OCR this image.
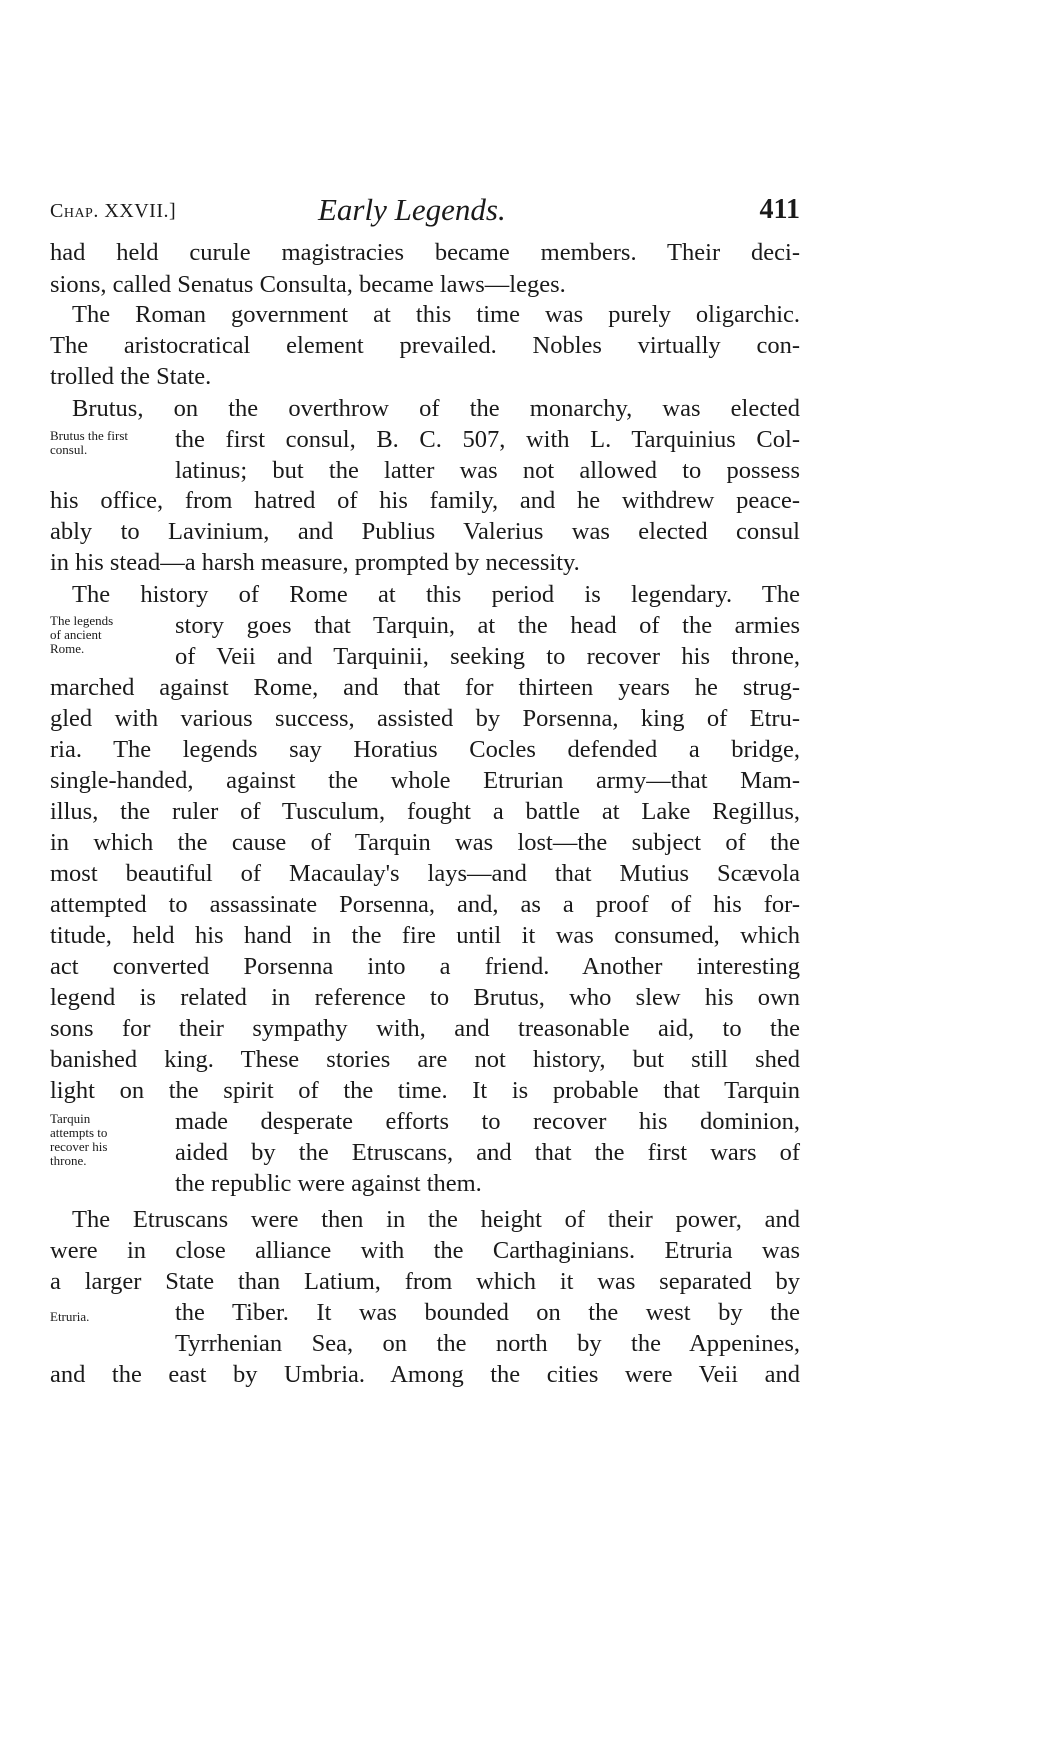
Chap. XXVII.]	Early Legends.	411
had held curule magistracies became members. Their deci-
sions, called Senatus Consulta, became laws—leges.
The Roman government at this time was purely oligarchic.
The aristocratical element prevailed. Nobles virtually con-
trolled the State.
Brutus, on the overthrow of the monarchy, was elected
the first consul, B. C. 507, with L. Tarquinius Col-
latinus; but the latter was not allowed to possess
his office, from hatred of his family, and he withdrew peace-
ably to Lavinium, and Publius Valerius was elected consul
in his stead—a harsh measure, prompted by necessity.
The history of Rome at this period is legendary. The
story goes that Tarquin, at the head of the armies
of Veii and Tarquinii, seeking to recover his throne,
marched against Rome, and that for thirteen years he strug-
gled with various success, assisted by Porsenna, king of Etru-
ria. The legends say Horatius Cocles defended a bridge,
single-handed, against the whole Etrurian army—that Mam-
illus, the ruler of Tusculum, fought a battle at Lake Regillus,
in which the cause of Tarquin was lost—the subject of the
most beautiful of Macaulay's lays—and that Mutius Scævola
attempted to assassinate Porsenna, and, as a proof of his for-
titude, held his hand in the fire until it was consumed, which
act converted Porsenna into a friend. Another interesting
legend is related in reference to Brutus, who slew his own
sons for their sympathy with, and treasonable aid, to the
banished king. These stories are not history, but still shed
light on the spirit of the time. It is probable that Tarquin
made desperate efforts to recover his dominion,
aided by the Etruscans, and that the first wars of
the republic were against them.
The Etruscans were then in the height of their power, and
were in close alliance with the Carthaginians. Etruria was
a larger State than Latium, from which it was separated by
the Tiber. It was bounded on the west by the
Tyrrhenian Sea, on the north by the Appenines,
and the east by Umbria. Among the cities were Veii and
Brutus the first consul.
The legends of ancient Rome.
Tarquin attempts to recover his throne.
Etruria.
